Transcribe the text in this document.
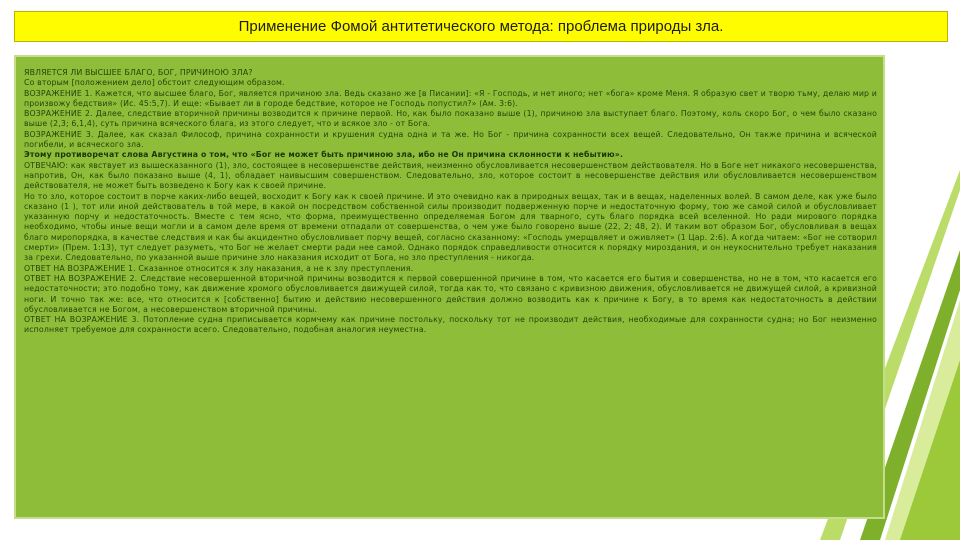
Применение Фомой антитетического метода: проблема природы зла.

ЯВЛЯЕТСЯ ЛИ ВЫСШЕЕ БЛАГО, БОГ, ПРИЧИНОЮ ЗЛА?

Со вторым [положением дело] обстоит следующим образом.

ВОЗРАЖЕНИЕ 1. Кажется, что высшее благо, Бог, является причиною зла. Ведь сказано же [в Писании]: «Я - Господь, и нет иного; нет «бога» кроме Меня. Я образую свет и творю тьму, делаю мир и произвожу бедствия» (Ис. 45:5,7). И еще: «Бывает ли в городе бедствие, которое не Господь попустил?» (Ам. 3:6).

ВОЗРАЖЕНИЕ 2. Далее, следствие вторичной причины возводится к причине первой. Но, как было показано выше (1), причиною зла выступает благо. Поэтому, коль скоро Бог, о чем было сказано выше (2,3; 6,1,4), суть причина всяческого блага, из этого следует, что и всякое зло - от Бога.

ВОЗРАЖЕНИЕ 3. Далее, как сказал Философ, причина сохранности и крушения судна одна и та же. Но Бог - причина сохранности всех вещей. Следовательно, Он также причина и всяческой погибели, и всяческого зла.

Этому противоречат слова Августина о том, что «Бог не может быть причиною зла, ибо не Он причина склонности к небытию».

ОТВЕЧАЮ: как явствует из вышесказанного (1), зло, состоящее в несовершенстве действия, неизменно обусловливается несовершенством действователя. Но в Боге нет никакого несовершенства, напротив, Он, как было показано выше (4, 1), обладает наивысшим совершенством. Следовательно, зло, которое состоит в несовершенстве действия или обусловливается несовершенством действователя, не может быть возведено к Богу как к своей причине.

Но то зло, которое состоит в порче каких-либо вещей, восходит к Богу как к своей причине. И это очевидно как в природных вещах, так и в вещах, наделенных волей. В самом деле, как уже было сказано (1 ), тот или иной действователь в той мере, в какой он посредством собственной силы производит подверженную порче и недостаточную форму, тою же самой силой и обусловливает указанную порчу и недостаточность. Вместе с тем ясно, что форма, преимущественно определяемая Богом для тварного, суть благо порядка всей вселенной. Но ради мирового порядка необходимо, чтобы иные вещи могли и в самом деле время от времени отпадали от совершенства, о чем уже было говорено выше (22, 2; 48, 2). И таким вот образом Бог, обусловливая в вещах благо миропорядка, в качестве следствия и как бы акцидентно обусловливает порчу вещей, согласно сказанному: «Господь умерщвляет и оживляет» (1 Цар. 2:6). А когда читаем: «Бог не сотворил смерти» (Прем. 1:13), тут следует разуметь, что Бог не желает смерти ради нее самой. Однако порядок справедливости относится к порядку мироздания, и он неукоснительно требует наказания за грехи. Следовательно, по указанной выше причине зло наказания исходит от Бога, но зло преступления - никогда.

ОТВЕТ НА ВОЗРАЖЕНИЕ 1. Сказанное относится к злу наказания, а не к злу преступления.

ОТВЕТ НА ВОЗРАЖЕНИЕ 2. Следствие несовершенной вторичной причины возводится к первой совершенной причине в том, что касается его бытия и совершенства, но не в том, что касается его недостаточности; это подобно тому, как движение хромого обусловливается движущей силой, тогда как то, что связано с кривизною движения, обусловливается не движущей силой, а кривизной ноги. И точно так же: все, что относится к [собственно] бытию и действию несовершенного действия должно возводить как к причине к Богу, в то время как недостаточность в действии обусловливается не Богом, а несовершенством вторичной причины.

ОТВЕТ НА ВОЗРАЖЕНИЕ 3. Потопление судна приписывается кормчему как причине постольку, поскольку тот не производит действия, необходимые для сохранности судна; но Бог неизменно исполняет требуемое для сохранности всего. Следовательно, подобная аналогия неуместна.
